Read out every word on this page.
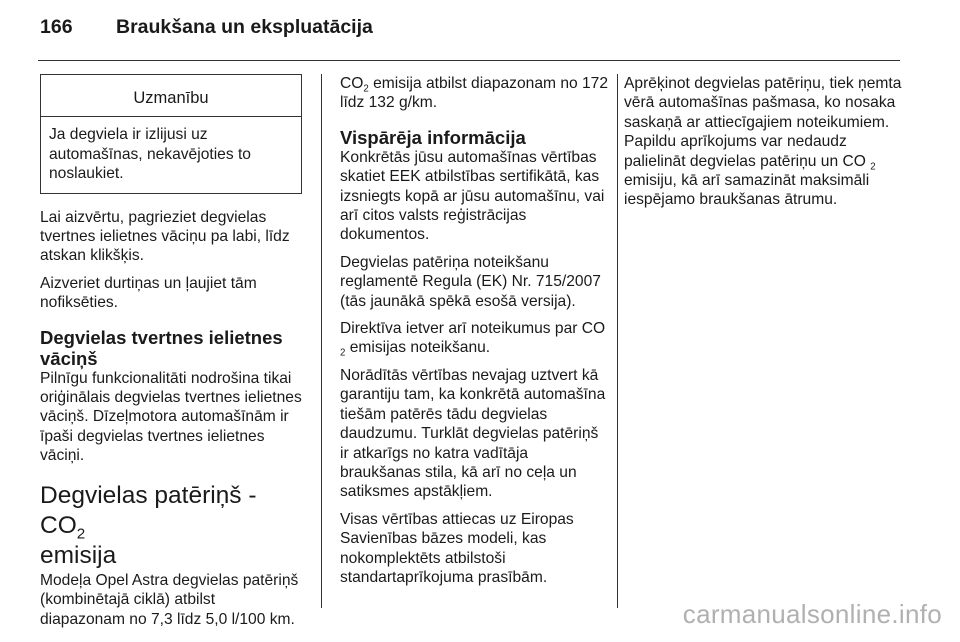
166 Braukšana un ekspluatācija
Uzmanību
Ja degviela ir izlijusi uz automašīnas, nekavējoties to noslaukiet.

Lai aizvērtu, pagrieziet degvielas tvertnes ielietnes vāciņu pa labi, līdz atskan klikšķis.

Aizveriet durtiņas un ļaujiet tām nofiksēties.

Degvielas tvertnes ielietnes vāciņš

Pilnīgu funkcionalitāti nodrošina tikai oriģinālais degvielas tvertnes ielietnes vāciņš. Dīzeļmotora automašīnām ir īpaši degvielas tvertnes ielietnes vāciņi.

Degvielas patēriņš - $CO_2$
emisija

Modeļa Opel Astra degvielas patēriņš (kombinētajā ciklā) atbilst diapazonam no 7,3 līdz 5,0 l/100 km.

$CO_2$ emisija atbilst diapazonam no 172 līdz 132 g/km.

Vispārēja informācija

Konkrētās jūsu automašīnas vērtības skatiet EEK atbilstības sertifikātā, kas izsniegts kopā ar jūsu automašīnu, vai arī citos valsts reģistrācijas dokumentos.

Degvielas patēriņa noteikšanu reglamentē Regula (EK) Nr. 715/2007 (tās jaunākā spēkā esošā versija).

Direktīva ietver arī noteikumus par CO $_2$ emisijas noteikšanu.

Norādītās vērtības nevajag uztvert kā garantiju tam, ka konkrētā automašīna tiešām patērēs tādu degvielas daudzumu. Turklāt degvielas patēriņš ir atkarīgs no katra vadītāja braukšanas stila, kā arī no ceļa un satiksmes apstākļiem.

Visas vērtības attiecas uz Eiropas Savienības bāzes modeli, kas nokomplektēts atbilstoši standartaprīkojuma prasībām.

Aprēķinot degvielas patēriņu, tiek ņemta vērā automašīnas pašmasa, ko nosaka saskaņā ar attiecīgajiem noteikumiem. Papildu aprīkojums var nedaudz palielināt degvielas patēriņu un CO $_2$ emisiju, kā arī samazināt maksimāli iespējamo braukšanas ātrumu.

carmanualsonline.info
